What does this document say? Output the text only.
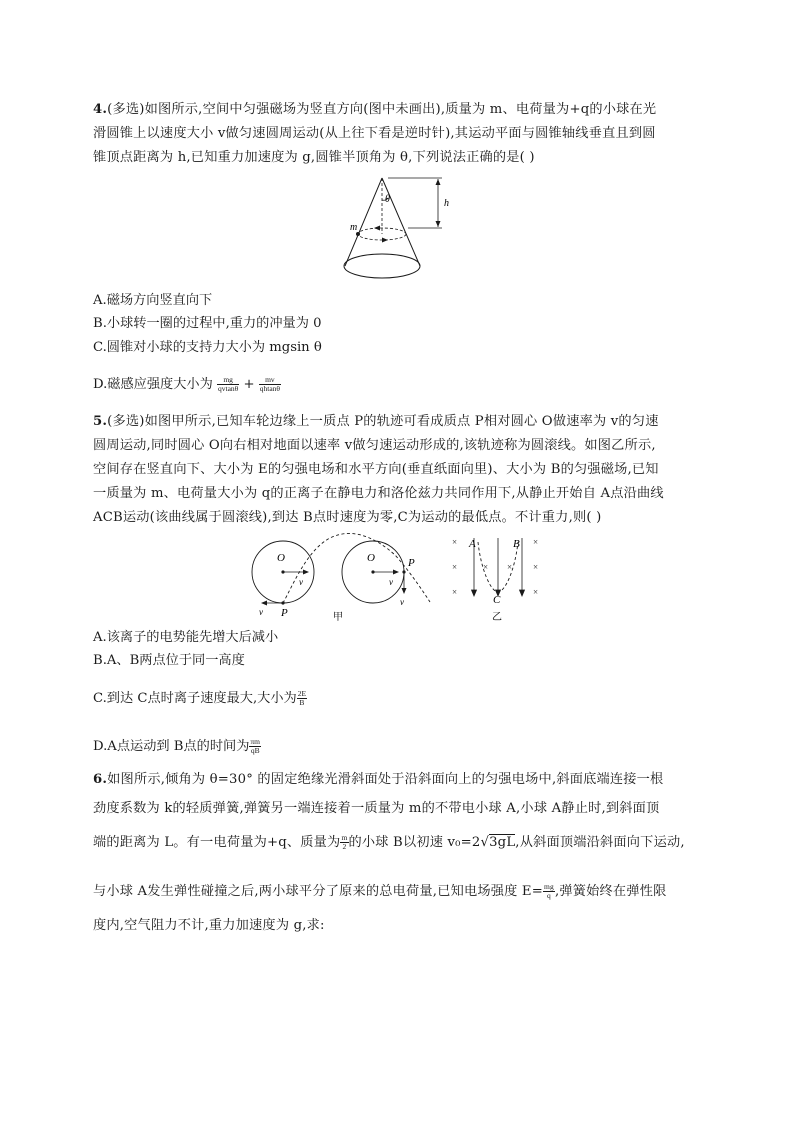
4.(多选)如图所示,空间中匀强磁场为竖直方向(图中未画出),质量为 m、电荷量为+q的小球在光
滑圆锥上以速度大小 v做匀速圆周运动(从上往下看是逆时针),其运动平面与圆锥轴线垂直且到圆
锥顶点距离为 h,已知重力加速度为 g,圆锥半顶角为 θ,下列说法正确的是( )
θ
m
h
A.磁场方向竖直向下
B.小球转一圈的过程中,重力的冲量为 0
C.圆锥对小球的支持力大小为 mgsin θ
D.磁感应强度大小为 $\frac{mg}{qvtan\theta} + \frac{mv}{qhtan\theta}$
5.(多选)如图甲所示,已知车轮边缘上一质点 P的轨迹可看成质点 P相对圆心 O做速率为 v的匀速
圆周运动,同时圆心 O向右相对地面以速率 v做匀速运动形成的,该轨迹称为圆滚线。如图乙所示,
空间存在竖直向下、大小为 E的匀强电场和水平方向(垂直纸面向里)、大小为 B的匀强磁场,已知
一质量为 m、电荷量大小为 q的正离子在静电力和洛伦兹力共同作用下,从静止开始自 A点沿曲线
ACB运动(该曲线属于圆滚线),到达 B点时速度为零,C为运动的最低点。不计重力,则( )
O
v
v P
O
v
v
P
甲
×
×
×
×
×
×
× ×
A	B
C
乙
A.该离子的电势能先增大后减小
B.A、B两点位于同一高度
C.到达 C点时离子速度最大,大小为 $\frac{2E}{B}$
D.A点运动到 B点的时间为 $\frac{\pi m}{qB}$
6.如图所示,倾角为 θ=30° 的固定绝缘光滑斜面处于沿斜面向上的匀强电场中,斜面底端连接一根
劲度系数为 k的轻质弹簧,弹簧另一端连接着一质量为 m的不带电小球 A,小球 A静止时,到斜面顶
端的距离为 L。有一电荷量为+q、质量为 $\frac{m}{2}$ 的小球 B以初速 v₀=2√3gL,从斜面顶端沿斜面向下运动,
与小球 A发生弹性碰撞之后,两小球平分了原来的总电荷量,已知电场强度 $E= \frac{mg}{q}$ ,弹簧始终在弹性限
度内,空气阻力不计,重力加速度为 g,求:
